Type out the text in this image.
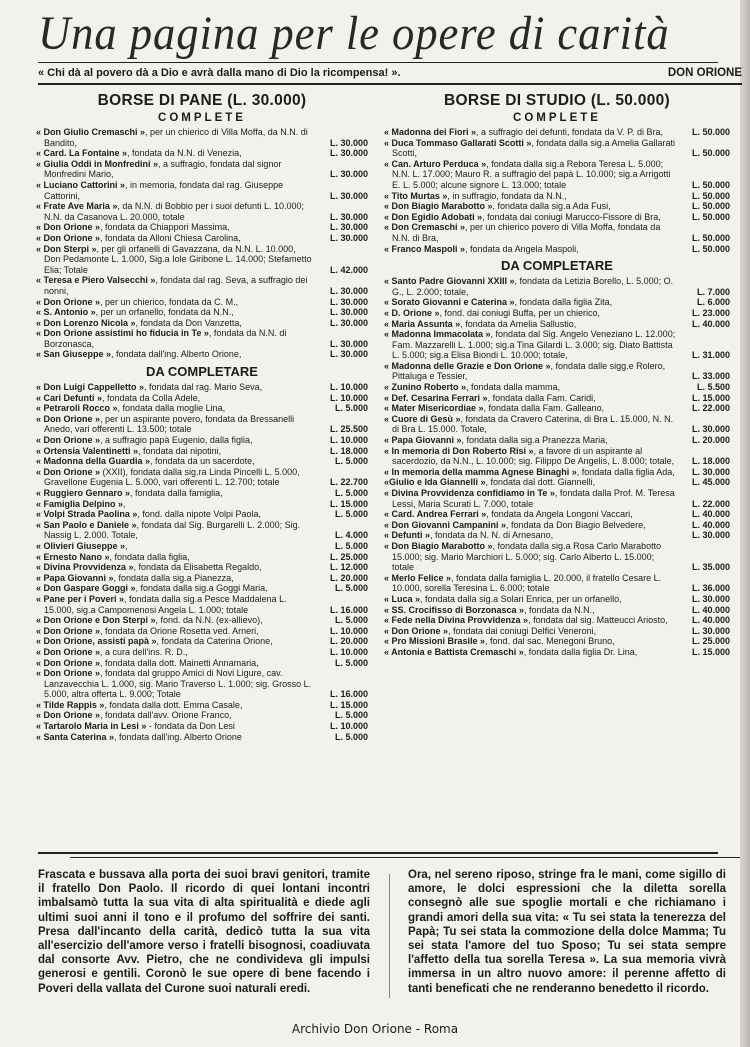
Una pagina per le opere di carità
« Chi dà al povero dà a Dio e avrà dalla mano di Dio la ricompensa! ».	DON ORIONE
BORSE DI PANE (L. 30.000)
COMPLETE
« Don Giulio Cremaschi », per un chierico di Villa Moffa, da N.N. di Bandito,	L. 30.000
« Card. La Fontaine », fondata da N.N. di Venezia,	L. 30.000
« Giulia Oddi in Monfredini », a suffragio, fondata dal signor Monfredini Mario,	L. 30.000
« Luciano Cattorini », in memoria, fondata dal rag. Giuseppe Cattorini,	L. 30.000
« Frate Ave Maria », da N.N. di Bobbio per i suoi defunti L. 10.000; N.N. da Casanova L. 20.000, totale	L. 30.000
« Don Orione », fondata da Chiappori Massima,	L. 30.000
« Don Orione », fondata da Alloni Chiesa Carolina,	L. 30.000
« Don Sterpi », per gli orfanelli di Gavazzana, da N.N. L. 10.000, Don Pedamonte L. 1.000, Sig.a Iole Giribone L. 14.000; Stefametto Elia; Totale	L. 42.000
« Teresa e Piero Valsecchi », fondata dal rag. Seva, a suffragio dei nonni,	L. 30.000
« Don Orione », per un chierico, fondata da C. M.,	L. 30.000
« S. Antonio », per un orfanello, fondata da N.N.,	L. 30.000
« Don Lorenzo Nicola », fondata da Don Vanzetta,	L. 30.000
« Don Orione assistimi ho fiducia in Te », fondata da N.N. di Borzonasca,	L. 30.000
« San Giuseppe », fondata dall'ing. Alberto Orione,	L. 30.000
DA COMPLETARE
« Don Luigi Cappelletto », fondata dal rag. Mario Seva,	L. 10.000
« Cari Defunti », fondata da Colla Adele,	L. 10.000
« Petraroli Rocco », fondata dalla moglie Lina,	L. 5.000
« Don Orione », per un aspirante povero, fondata da Bressanelli Anedo, vari offerenti L. 13.500; totale	L. 25.500
« Don Orione », a suffragio papà Eugenio, dalla figlia,	L. 10.000
« Ortensia Valentinetti », fondata dai nipotini,	L. 18.000
« Madonna della Guardia », fondata da un sacerdote,	L. 5.000
« Don Orione » (XXII), fondata dalla sig.ra Linda Pincelli L. 5.000, Gravellone Eugenia L. 5.000, vari offerenti L. 12.700; totale	L. 22.700
« Ruggiero Gennaro », fondata dalla famiglia,	L. 5.000
« Famiglia Delpino »,	L. 15.000
« Volpi Strada Paolina », fond. dalla nipote Volpi Paola,	L. 5.000
« San Paolo e Daniele », fondata dal Sig. Burgarelli L. 2.000; Sig. Nassig L. 2.000. Totale,	L. 4.000
« Olivieri Giuseppe »,	L. 5.000
« Ernesto Nano », fondata dalla figlia,	L. 25.000
« Divina Provvidenza », fondata da Elisabetta Regaldo,	L. 12.000
« Papa Giovanni », fondata dalla sig.a Pianezza,	L. 20.000
« Don Gaspare Goggi », fondata dalla sig.a Goggi Maria,	L. 5.000
« Pane per i Poveri », fondata dalla sig.a Pesce Maddalena L. 15.000, sig.a Campomenosi Angela L. 1.000; totale	L. 16.000
« Don Orione e Don Sterpi », fond. da N.N. (ex-allievo),	L. 5.000
« Don Orione », fondata da Orione Rosetta ved. Arneri,	L. 10.000
« Don Orione, assisti papà », fondata da Caterina Orione,	L. 20.000
« Don Orione », a cura dell'ins. R. D.,	L. 10.000
« Don Orione », fondata dalla dott. Mainetti Annamaria,	L. 5.000
« Don Orione », fondata dal gruppo Amici di Novi Ligure, cav. Lanzavecchia L. 1.000, sig. Mario Traverso L. 1.000; sig. Grosso L. 5.000, altra offerta L. 9.000; Totale	L. 16.000
« Tilde Rappis », fondata dalla dott. Emma Casale,	L. 15.000
« Don Orione », fondata dall'avv. Orione Franco,	L. 5.000
« Tartarolo Maria in Lesi » - fondata da Don Lesi	L. 10.000
« Santa Caterina », fondata dall'ing. Alberto Orione	L. 5.000
BORSE DI STUDIO (L. 50.000)
COMPLETE
« Madonna dei Fiori », a suffragio dei defunti, fondata da V. P. di Bra,	L. 50.000
« Duca Tommaso Gallarati Scotti », fondata dalla sig.a Amelia Gallarati Scotti,	L. 50.000
« Can. Arturo Perduca », fondata dalla sig.a Rebora Teresa L. 5.000; N.N. L. 17.000; Mauro R. a suffragio del papà L. 10.000; sig.a Arrigotti E. L. 5.000; alcune signore L. 13.000; totale	L. 50.000
« Tito Murtas », in suffragio, fondata da N.N.,	L. 50.000
« Don Biagio Marabotto », fondata dalla sig.a Ada Fusi,	L. 50.000
« Don Egidio Adobati », fondata dai coniugi Marucco-Fissore di Bra,	L. 50.000
« Don Cremaschi », per un chierico povero di Villa Moffa, fondata da N.N. di Bra,	L. 50.000
« Franco Maspoli », fondata da Angela Maspoli,	L. 50.000
DA COMPLETARE
« Santo Padre Giovanni XXIII », fondata da Letizia Borello, L. 5.000; O. G., L. 2.000; totale,	L. 7.000
« Sorato Giovanni e Caterina », fondata dalla figlia Zita,	L. 6.000
« D. Orione », fond. dai coniugi Buffa, per un chierico,	L. 23.000
« Maria Assunta », fondata da Amelia Sallustio,	L. 40.000
« Madonna Immacolata », fondata dal Sig. Angelo Veneziano L. 12.000; Fam. Mazzarelli L. 1.000; sig.a Tina Gilardi L. 3.000; sig. Diato Battista L. 5.000; sig.a Elisa Biondi L. 10.000; totale,	L. 31.000
« Madonna delle Grazie e Don Orione », fondata dalle sigg.e Rolero, Pittaluga e Tessier,	L. 33.000
« Zunino Roberto », fondata dalla mamma,	L. 5.500
« Def. Cesarina Ferrari », fondata dalla Fam. Caridi,	L. 15.000
« Mater Misericordiae », fondata dalla Fam. Galleano,	L. 22.000
« Cuore di Gesù », fondata da Cravero Caterina, di Bra L. 15.000, N. N. di Bra L. 15.000. Totale,	L. 30.000
« Papa Giovanni », fondata dalla sig.a Pranezza Maria,	L. 20.000
« In memoria di Don Roberto Risi », a favore di un aspirante al sacerdozio, da N.N., L. 10.000; sig. Filippo De Angelis, L. 8.000; totale,	L. 18.000
« In memoria della mamma Agnese Binaghi », fondata dalla figlia Ada,	L. 30.000
«Giulio e Ida Giannelli », fondata dal dott. Giannelli,	L. 45.000
« Divina Provvidenza confidiamo in Te », fondata dalla Prof. M. Teresa Lessi, Maria Scurati L. 7.000, totale	L. 22.000
« Card. Andrea Ferrari », fondata da Angela Longoni Vaccari,	L. 40.000
« Don Giovanni Campanini », fondata da Don Biagio Belvedere,	L. 40.000
« Defunti », fondata da N. N. di Arnesano,	L. 30.000
« Don Biagio Marabotto », fondata dalla sig.a Rosa Carlo Marabotto 15.000; sig. Mario Marchiori L. 5.000; sig. Carlo Alberto L. 15.000; totale	L. 35.000
« Merlo Felice », fondata dalla famiglia L. 20.000, il fratello Cesare L. 10.000, sorella Teresina L. 6.000; totale	L. 36.000
« Luca », fondata dalla sig.a Solari Enrica, per un orfanello,	L. 30.000
« SS. Crocifisso di Borzonasca », fondata da N.N.,	L. 40.000
« Fede nella Divina Provvidenza », fondata dal sig. Matteucci Ariosto,	L. 40.000
« Don Orione », fondata dai coniugi Delfici Veneroni,	L. 30.000
« Pro Missioni Brasile », fond. dal sac. Menegoni Bruno,	L. 25.000
« Antonia e Battista Cremaschi », fondata dalla figlia Dr. Lina,	L. 15.000
Frascata e bussava alla porta dei suoi bravi genitori, tramite il fratello Don Paolo. Il ricordo di quei lontani incontri imbalsamò tutta la sua vita di alta spiritualità e diede agli ultimi suoi anni il tono e il profumo del soffrire dei santi. Presa dall'incanto della carità, dedicò tutta la sua vita all'esercizio dell'amore verso i fratelli bisognosi, coadiuvata dal consorte Avv. Pietro, che ne condivideva gli impulsi generosi e gentili. Coronò le sue opere di bene facendo i Poveri della vallata del Curone suoi naturali eredi.
Ora, nel sereno riposo, stringe fra le mani, come sigillo di amore, le dolci espressioni che la diletta sorella consegnò alle sue spoglie mortali e che richiamano i grandi amori della sua vita: « Tu sei stata la tenerezza del Papà; Tu sei stata la commozione della dolce Mamma; Tu sei stata l'amore del tuo Sposo; Tu sei stata sempre l'affetto della tua sorella Teresa ». La sua memoria vivrà immersa in un altro nuovo amore: il perenne affetto di tanti beneficati che ne renderanno benedetto il ricordo.
Archivio Don Orione - Roma
